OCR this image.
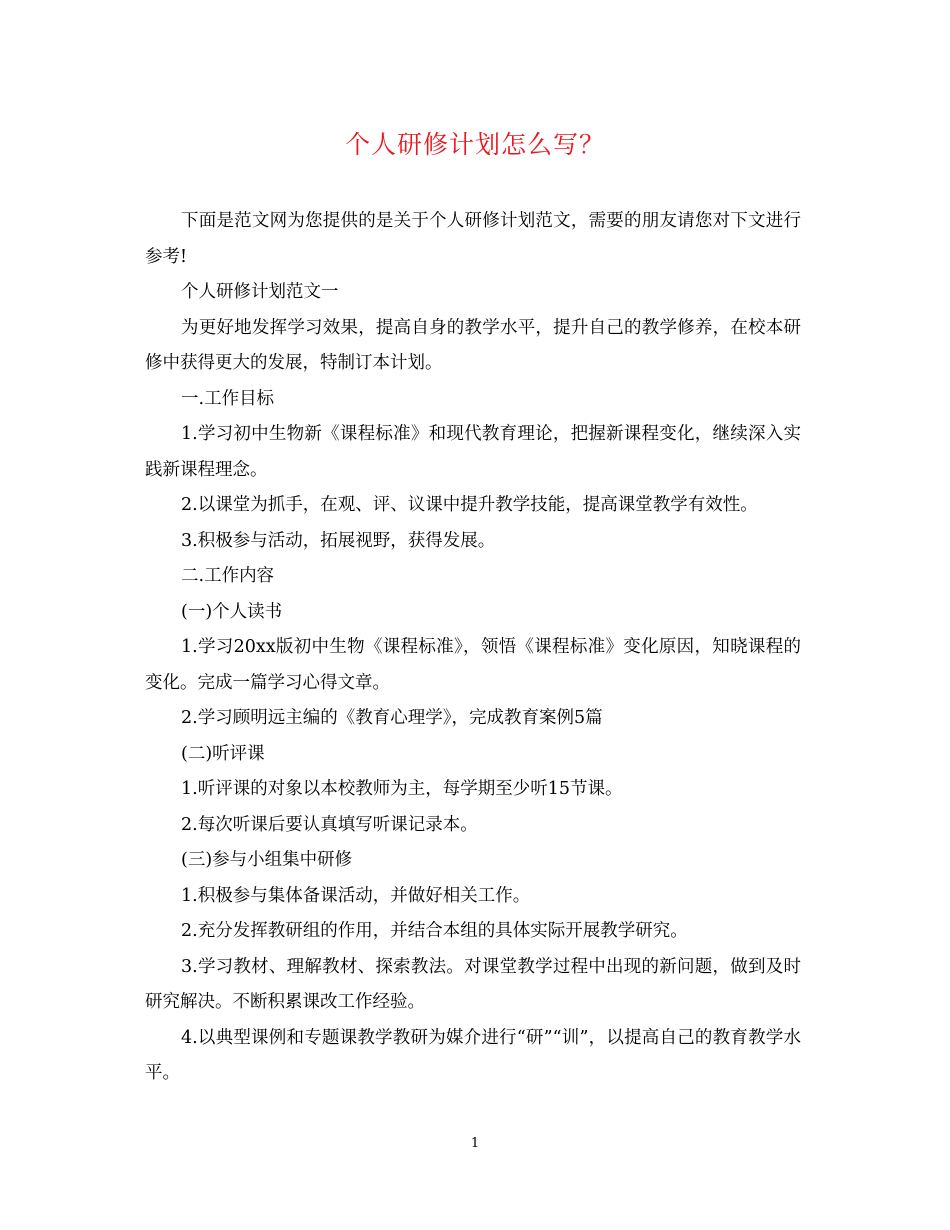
个人研修计划怎么写？

下面是范文网为您提供的是关于个人研修计划范文，需要的朋友请您对下文进行参考!

个人研修计划范文一

为更好地发挥学习效果，提高自身的教学水平，提升自己的教学修养，在校本研修中获得更大的发展，特制订本计划。

一.工作目标

1.学习初中生物新《课程标准》和现代教育理论，把握新课程变化，继续深入实践新课程理念。

2.以课堂为抓手，在观、评、议课中提升教学技能，提高课堂教学有效性。

3.积极参与活动，拓展视野，获得发展。

二.工作内容

(一)个人读书

1.学习20xx版初中生物《课程标准》，领悟《课程标准》变化原因，知晓课程的变化。完成一篇学习心得文章。

2.学习顾明远主编的《教育心理学》，完成教育案例5篇

(二)听评课

1.听评课的对象以本校教师为主，每学期至少听15节课。

2.每次听课后要认真填写听课记录本。

(三)参与小组集中研修

1.积极参与集体备课活动，并做好相关工作。

2.充分发挥教研组的作用，并结合本组的具体实际开展教学研究。

3.学习教材、理解教材、探索教法。对课堂教学过程中出现的新问题，做到及时研究解决。不断积累课改工作经验。

4.以典型课例和专题课教学教研为媒介进行“研”“训”，以提高自己的教育教学水平。

1
